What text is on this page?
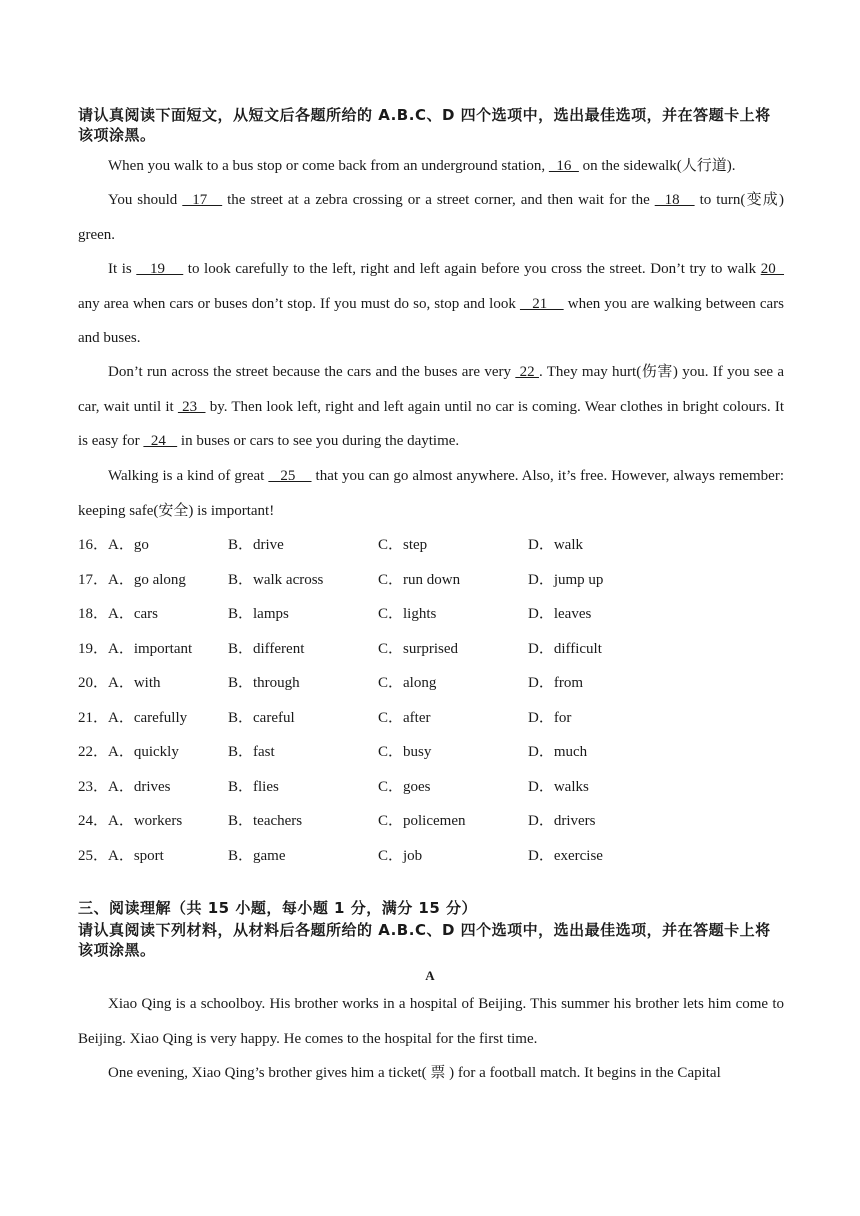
请认真阅读下面短文，从短文后各题所给的 A.B.C、D 四个选项中，选出最佳选项，并在答题卡上将该项涂黑。
When you walk to a bus stop or come back from an underground station,   16   on the sidewalk(人行道).
You should   17    the street at a zebra crossing or a street corner, and then wait for the   18    to turn(变成) green.
It is    19     to look carefully to the left, right and left again before you cross the street. Don’t try to walk 20   any area when cars or buses don’t stop. If you must do so, stop and look    21     when you are walking between cars and buses.
Don’t run across the street because the cars and the buses are very  22 . They may hurt(伤害) you. If you see a car, wait until it  23   by. Then look left, right and left again until no car is coming. Wear clothes in bright colours. It is easy for   24    in buses or cars to see you during the daytime.
Walking is a kind of great    25     that you can go almost anywhere. Also, it’s free. However, always remember: keeping safe(安全) is important!
16． A．go	B．drive	C．step	D．walk
17． A．go along	B．walk across	C．run down	D．jump up
18． A．cars	B．lamps	C．lights	D．leaves
19． A．important B．different	C．surprised	D．difficult
20． A．with	B．through	C．along	D．from
21． A．carefully	B．careful	C．after	D．for
22． A．quickly	B．fast	C．busy	D．much
23． A．drives	B．flies	C．goes	D．walks
24． A．workers	B．teachers	C．policemen	D．drivers
25． A．sport	B．game	C．job	D．exercise
三、阅读理解（共 15 小题，每小题 1 分，满分 15 分）
请认真阅读下列材料，从材料后各题所给的 A.B.C、D 四个选项中，选出最佳选项，并在答题卡上将该项涂黑。
A
Xiao Qing is a schoolboy. His brother works in a hospital of Beijing. This summer his brother lets him come to Beijing. Xiao Qing is very happy. He comes to the hospital for the first time.
One evening, Xiao Qing’s brother gives him a ticket( 票 ) for a football match. It begins in the Capital
